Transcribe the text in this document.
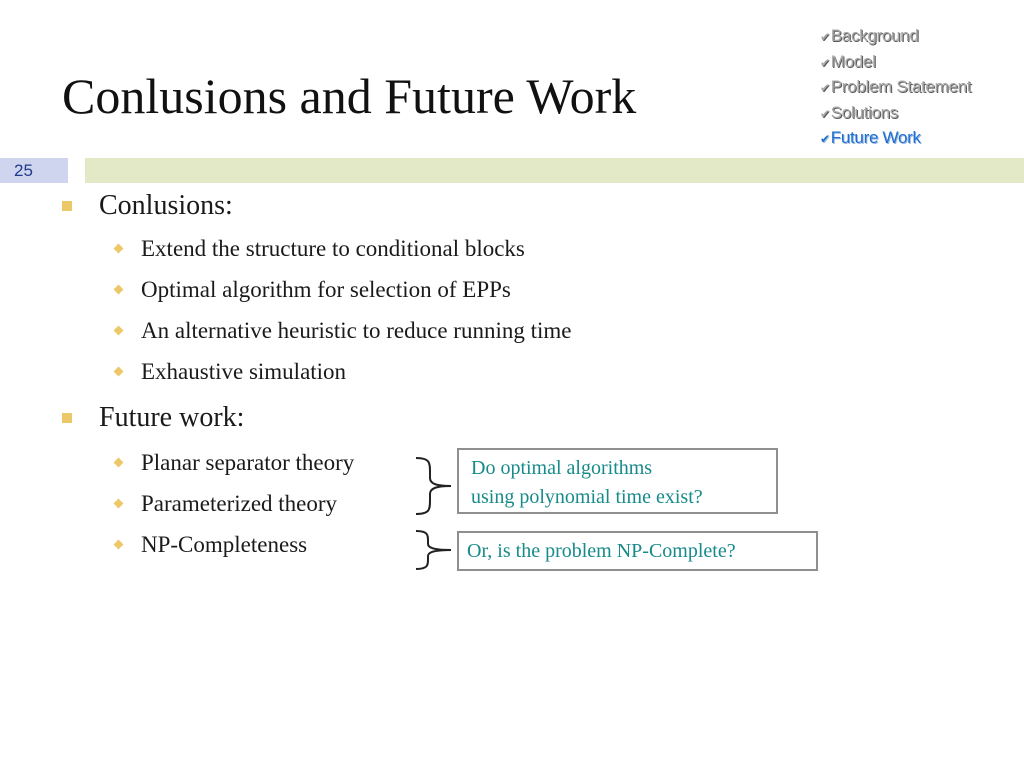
Conlusions and Future Work
✔Background
✔Model
✔Problem Statement
✔Solutions
✔Future Work
25
Conlusions:
Extend the structure to conditional blocks
Optimal algorithm for selection of EPPs
An alternative heuristic to reduce running time
Exhaustive simulation
Future work:
Planar separator theory
Parameterized theory
NP-Completeness
Do optimal algorithms
using polynomial time exist?
Or, is the problem NP-Complete?
